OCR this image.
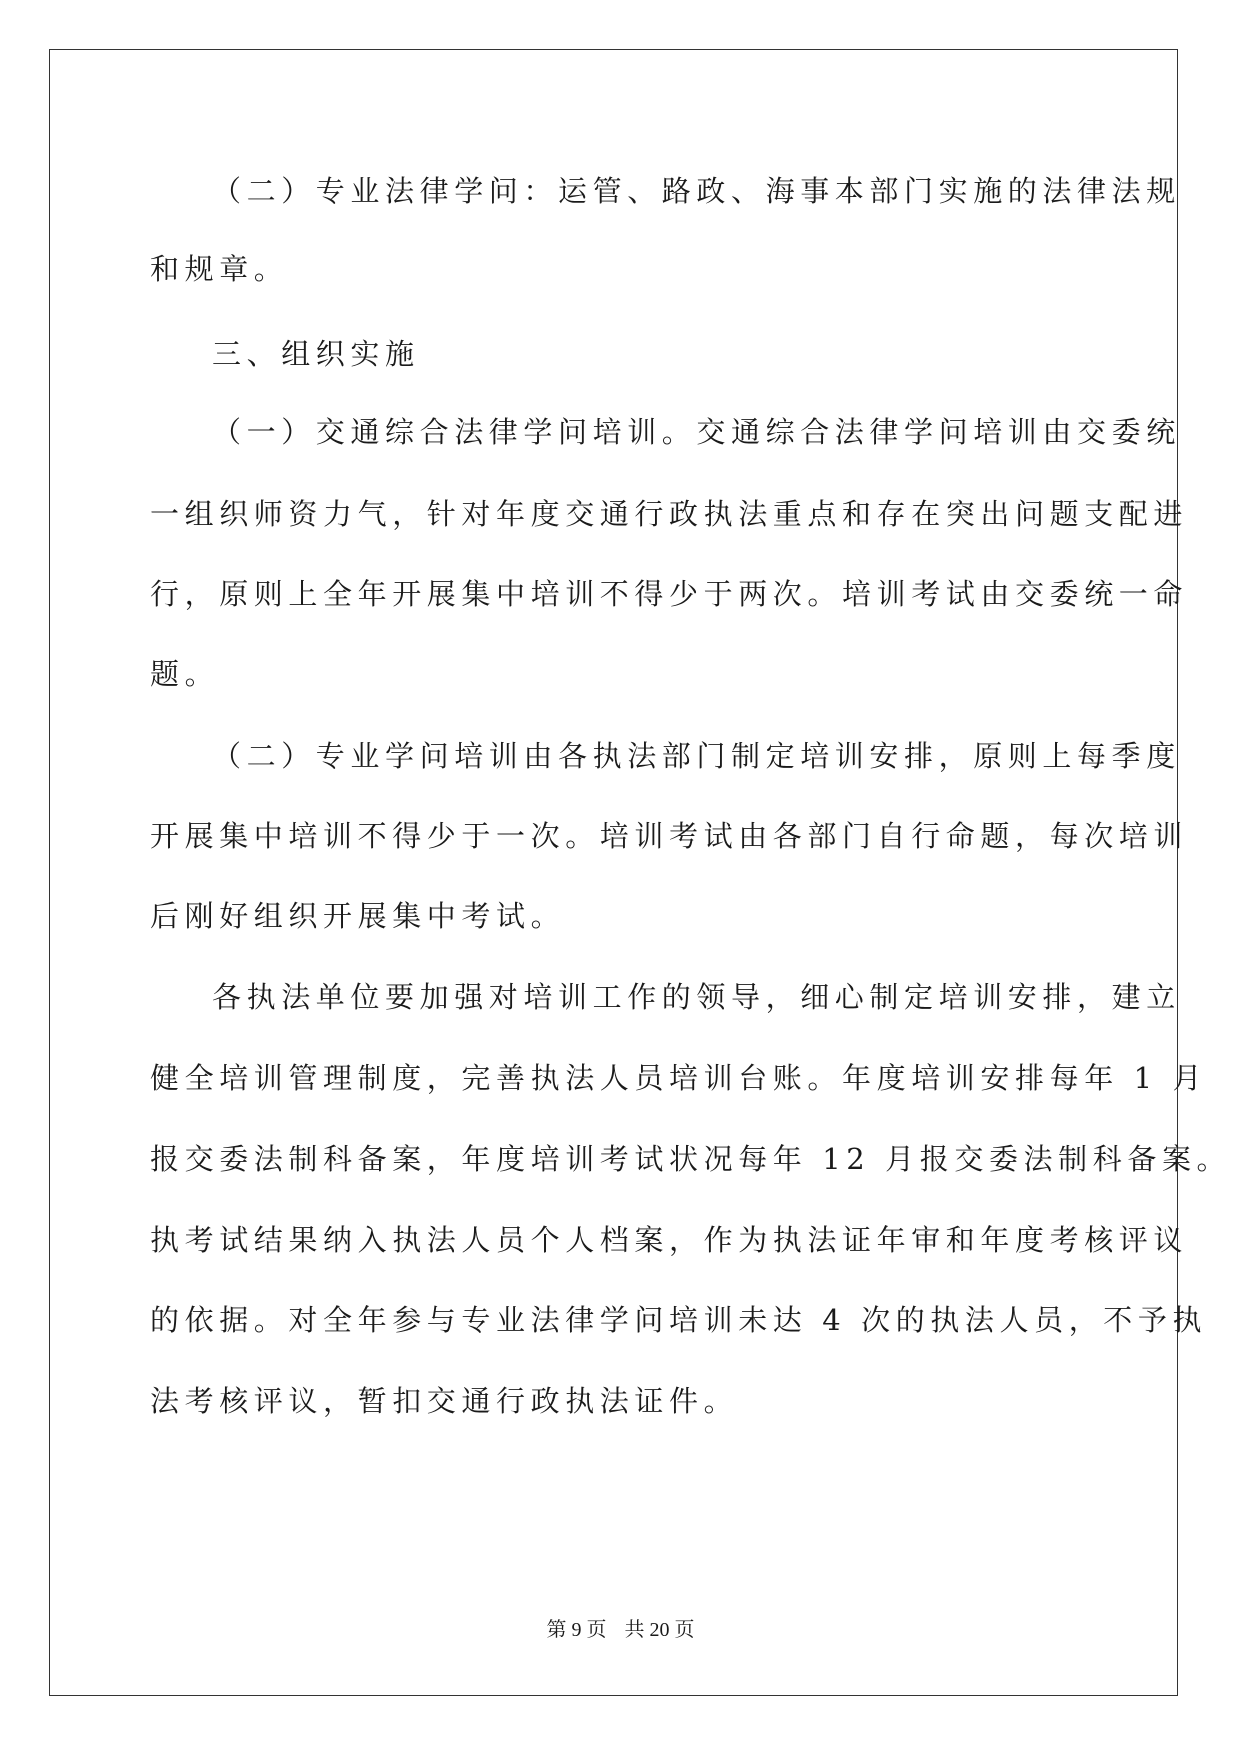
（二）专业法律学问：运管、路政、海事本部门实施的法律法规
和规章。
三、组织实施
（一）交通综合法律学问培训。交通综合法律学问培训由交委统
一组织师资力气，针对年度交通行政执法重点和存在突出问题支配进
行，原则上全年开展集中培训不得少于两次。培训考试由交委统一命
题。
（二）专业学问培训由各执法部门制定培训安排，原则上每季度
开展集中培训不得少于一次。培训考试由各部门自行命题，每次培训
后刚好组织开展集中考试。
各执法单位要加强对培训工作的领导，细心制定培训安排，建立
健全培训管理制度，完善执法人员培训台账。年度培训安排每年 1 月
报交委法制科备案，年度培训考试状况每年 12 月报交委法制科备案。
执考试结果纳入执法人员个人档案，作为执法证年审和年度考核评议
的依据。对全年参与专业法律学问培训未达 4 次的执法人员，不予执
法考核评议，暂扣交通行政执法证件。
第 9 页 共 20 页
